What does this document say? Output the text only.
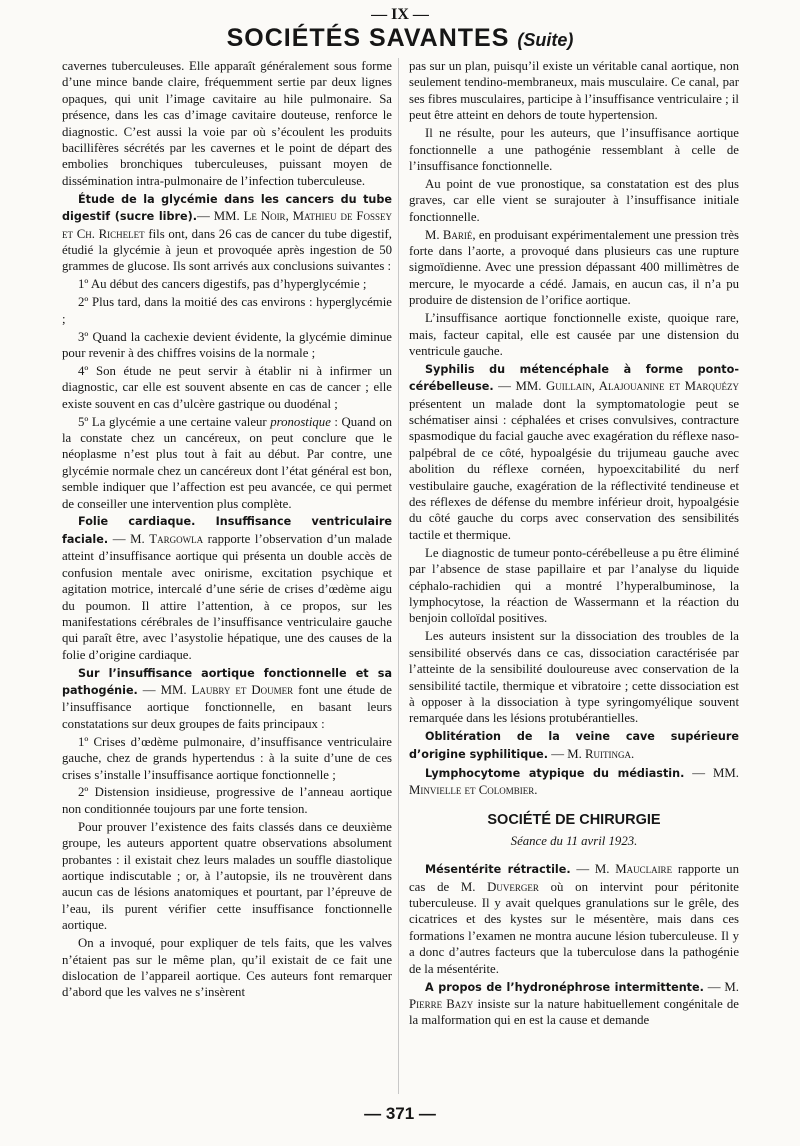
— IX —
SOCIÉTÉS SAVANTES (Suite)

cavernes tuberculeuses. Elle apparaît généralement sous forme d’une mince bande claire, fréquemment sertie par deux lignes opaques, qui unit l’image cavitaire au hile pulmonaire. Sa présence, dans les cas d’image cavitaire douteuse, renforce le diagnostic. C’est aussi la voie par où s’écoulent les produits bacillifères sécrétés par les cavernes et le point de départ des embolies bronchiques tuberculeuses, puissant moyen de dissémination intra-pulmonaire de l’infection tuberculeuse.

Étude de la glycémie dans les cancers du tube digestif (sucre libre).— MM. Le Noir, Mathieu de Fossey et Ch. Richelet fils ont, dans 26 cas de cancer du tube digestif, étudié la glycémie à jeun et provoquée après ingestion de 50 grammes de glucose. Ils sont arrivés aux conclusions suivantes :

1º Au début des cancers digestifs, pas d’hyperglycémie ;

2º Plus tard, dans la moitié des cas environs : hyperglycémie ;

3º Quand la cachexie devient évidente, la glycémie diminue pour revenir à des chiffres voisins de la normale ;

4º Son étude ne peut servir à établir ni à infirmer un diagnostic, car elle est souvent absente en cas de cancer ; elle existe souvent en cas d’ulcère gastrique ou duodénal ;

5º La glycémie a une certaine valeur pronostique : Quand on la constate chez un cancéreux, on peut conclure que le néoplasme n’est plus tout à fait au début. Par contre, une glycémie normale chez un cancéreux dont l’état général est bon, semble indiquer que l’affection est peu avancée, ce qui permet de conseiller une intervention plus complète.

Folie cardiaque. Insuffisance ventriculaire faciale. — M. Targowla rapporte l’observation d’un malade atteint d’insuffisance aortique qui présenta un double accès de confusion mentale avec onirisme, excitation psychique et agitation motrice, intercalé d’une série de crises d’œdème aigu du poumon. Il attire l’attention, à ce propos, sur les manifestations cérébrales de l’insuffisance ventriculaire gauche qui paraît être, avec l’asystolie hépatique, une des causes de la folie d’origine cardiaque.

Sur l’insuffisance aortique fonctionnelle et sa pathogénie. — MM. Laubry et Doumer font une étude de l’insuffisance aortique fonctionnelle, en basant leurs constatations sur deux groupes de faits principaux :

1º Crises d’œdème pulmonaire, d’insuffisance ventriculaire gauche, chez de grands hypertendus : à la suite d’une de ces crises s’installe l’insuffisance aortique fonctionnelle ;

2º Distension insidieuse, progressive de l’anneau aortique non conditionnée toujours par une forte tension.

Pour prouver l’existence des faits classés dans ce deuxième groupe, les auteurs apportent quatre observations absolument probantes : il existait chez leurs malades un souffle diastolique aortique indiscutable ; or, à l’autopsie, ils ne trouvèrent dans aucun cas de lésions anatomiques et pourtant, par l’épreuve de l’eau, ils purent vérifier cette insuffisance fonctionnelle aortique.

On a invoqué, pour expliquer de tels faits, que les valves n’étaient pas sur le même plan, qu’il existait de ce fait une dislocation de l’appareil aortique. Ces auteurs font remarquer d’abord que les valves ne s’insèrent

pas sur un plan, puisqu’il existe un véritable canal aortique, non seulement tendino-membraneux, mais musculaire. Ce canal, par ses fibres musculaires, participe à l’insuffisance ventriculaire ; il peut être atteint en dehors de toute hypertension.

Il ne résulte, pour les auteurs, que l’insuffisance aortique fonctionnelle a une pathogénie ressemblant à celle de l’insuffisance fonctionnelle.

Au point de vue pronostique, sa constatation est des plus graves, car elle vient se surajouter à l’insuffisance initiale fonctionnelle.

M. Barié, en produisant expérimentalement une pression très forte dans l’aorte, a provoqué dans plusieurs cas une rupture sigmoïdienne. Avec une pression dépassant 400 millimètres de mercure, le myocarde a cédé. Jamais, en aucun cas, il n’a pu produire de distension de l’orifice aortique.

L’insuffisance aortique fonctionnelle existe, quoique rare, mais, facteur capital, elle est causée par une distension du ventricule gauche.

Syphilis du métencéphale à forme ponto-cérébelleuse. — MM. Guillain, Alajouanine et Marquézy présentent un malade dont la symptomatologie peut se schématiser ainsi : céphalées et crises convulsives, contracture spasmodique du facial gauche avec exagération du réflexe naso-palpébral de ce côté, hypoalgésie du trijumeau gauche avec abolition du réflexe cornéen, hypoexcitabilité du nerf vestibulaire gauche, exagération de la réflectivité tendineuse et des réflexes de défense du membre inférieur droit, hypoalgésie du côté gauche du corps avec conservation des sensibilités tactile et thermique.

Le diagnostic de tumeur ponto-cérébelleuse a pu être éliminé par l’absence de stase papillaire et par l’analyse du liquide céphalo-rachidien qui a montré l’hyperalbuminose, la lymphocytose, la réaction de Wassermann et la réaction du benjoin colloïdal positives.

Les auteurs insistent sur la dissociation des troubles de la sensibilité observés dans ce cas, dissociation caractérisée par l’atteinte de la sensibilité douloureuse avec conservation de la sensibilité tactile, thermique et vibratoire ; cette dissociation est à opposer à la dissociation à type syringomyélique souvent remarquée dans les lésions protubérantielles.

Oblitération de la veine cave supérieure d’origine syphilitique. — M. Ruitinga.

Lymphocytome atypique du médiastin. — MM. Minvielle et Colombier.

SOCIÉTÉ DE CHIRURGIE
Séance du 11 avril 1923.

Mésentérite rétractile. — M. Mauclaire rapporte un cas de M. Duverger où on intervint pour péritonite tuberculeuse. Il y avait quelques granulations sur le grêle, des cicatrices et des kystes sur le mésentère, mais dans ces formations l’examen ne montra aucune lésion tuberculeuse. Il y a donc d’autres facteurs que la tuberculose dans la pathogénie de la mésentérite.

A propos de l’hydronéphrose intermittente. — M. Pierre Bazy insiste sur la nature habituellement congénitale de la malformation qui en est la cause et demande

— 371 —
